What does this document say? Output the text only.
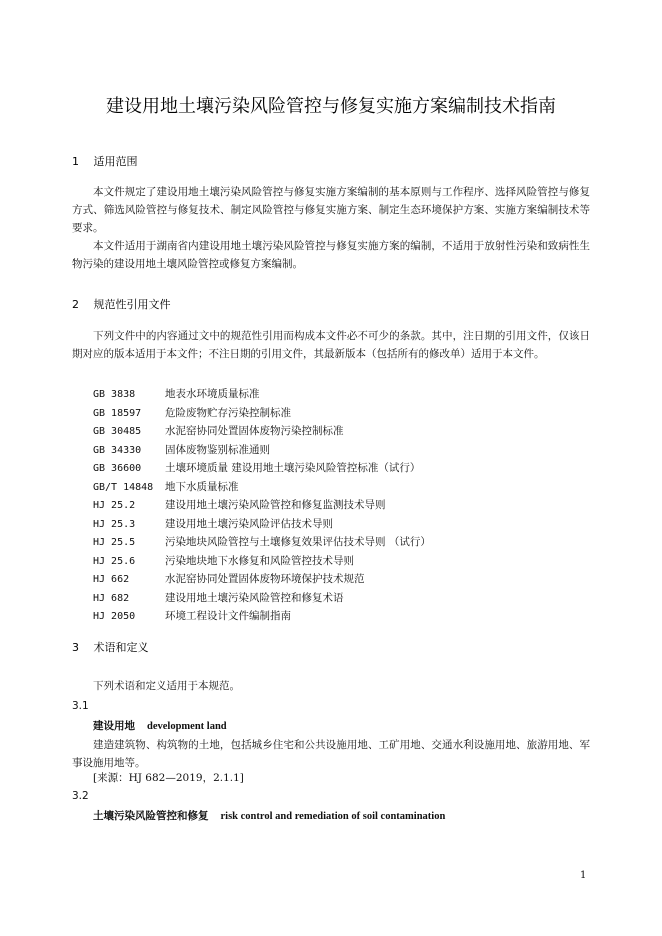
建设用地土壤污染风险管控与修复实施方案编制技术指南
1 适用范围
本文件规定了建设用地土壤污染风险管控与修复实施方案编制的基本原则与工作程序、选择风险管控与修复方式、筛选风险管控与修复技术、制定风险管控与修复实施方案、制定生态环境保护方案、实施方案编制技术等要求。
本文件适用于湖南省内建设用地土壤污染风险管控与修复实施方案的编制，不适用于放射性污染和致病性生物污染的建设用地土壤风险管控或修复方案编制。
2 规范性引用文件
下列文件中的内容通过文中的规范性引用而构成本文件必不可少的条款。其中，注日期的引用文件，仅该日期对应的版本适用于本文件；不注日期的引用文件，其最新版本（包括所有的修改单）适用于本文件。
GB 3838	地表水环境质量标准
GB 18597 危险废物贮存污染控制标准
GB 30485 水泥窑协同处置固体废物污染控制标准
GB 34330 固体废物鉴别标准通则
GB 36600 土壤环境质量 建设用地土壤污染风险管控标准（试行）
GB/T 14848 地下水质量标准
HJ 25.2	建设用地土壤污染风险管控和修复监测技术导则
HJ 25.3	建设用地土壤污染风险评估技术导则
HJ 25.5	污染地块风险管控与土壤修复效果评估技术导则 （试行）
HJ 25.6	污染地块地下水修复和风险管控技术导则
HJ 662	水泥窑协同处置固体废物环境保护技术规范
HJ 682	建设用地土壤污染风险管控和修复术语
HJ 2050	环境工程设计文件编制指南
3 术语和定义
下列术语和定义适用于本规范。
3.1
建设用地 development land
建造建筑物、构筑物的土地，包括城乡住宅和公共设施用地、工矿用地、交通水利设施用地、旅游用地、军事设施用地等。
[来源：HJ 682—2019，2.1.1]
3.2
土壤污染风险管控和修复 risk control and remediation of soil contamination
1
